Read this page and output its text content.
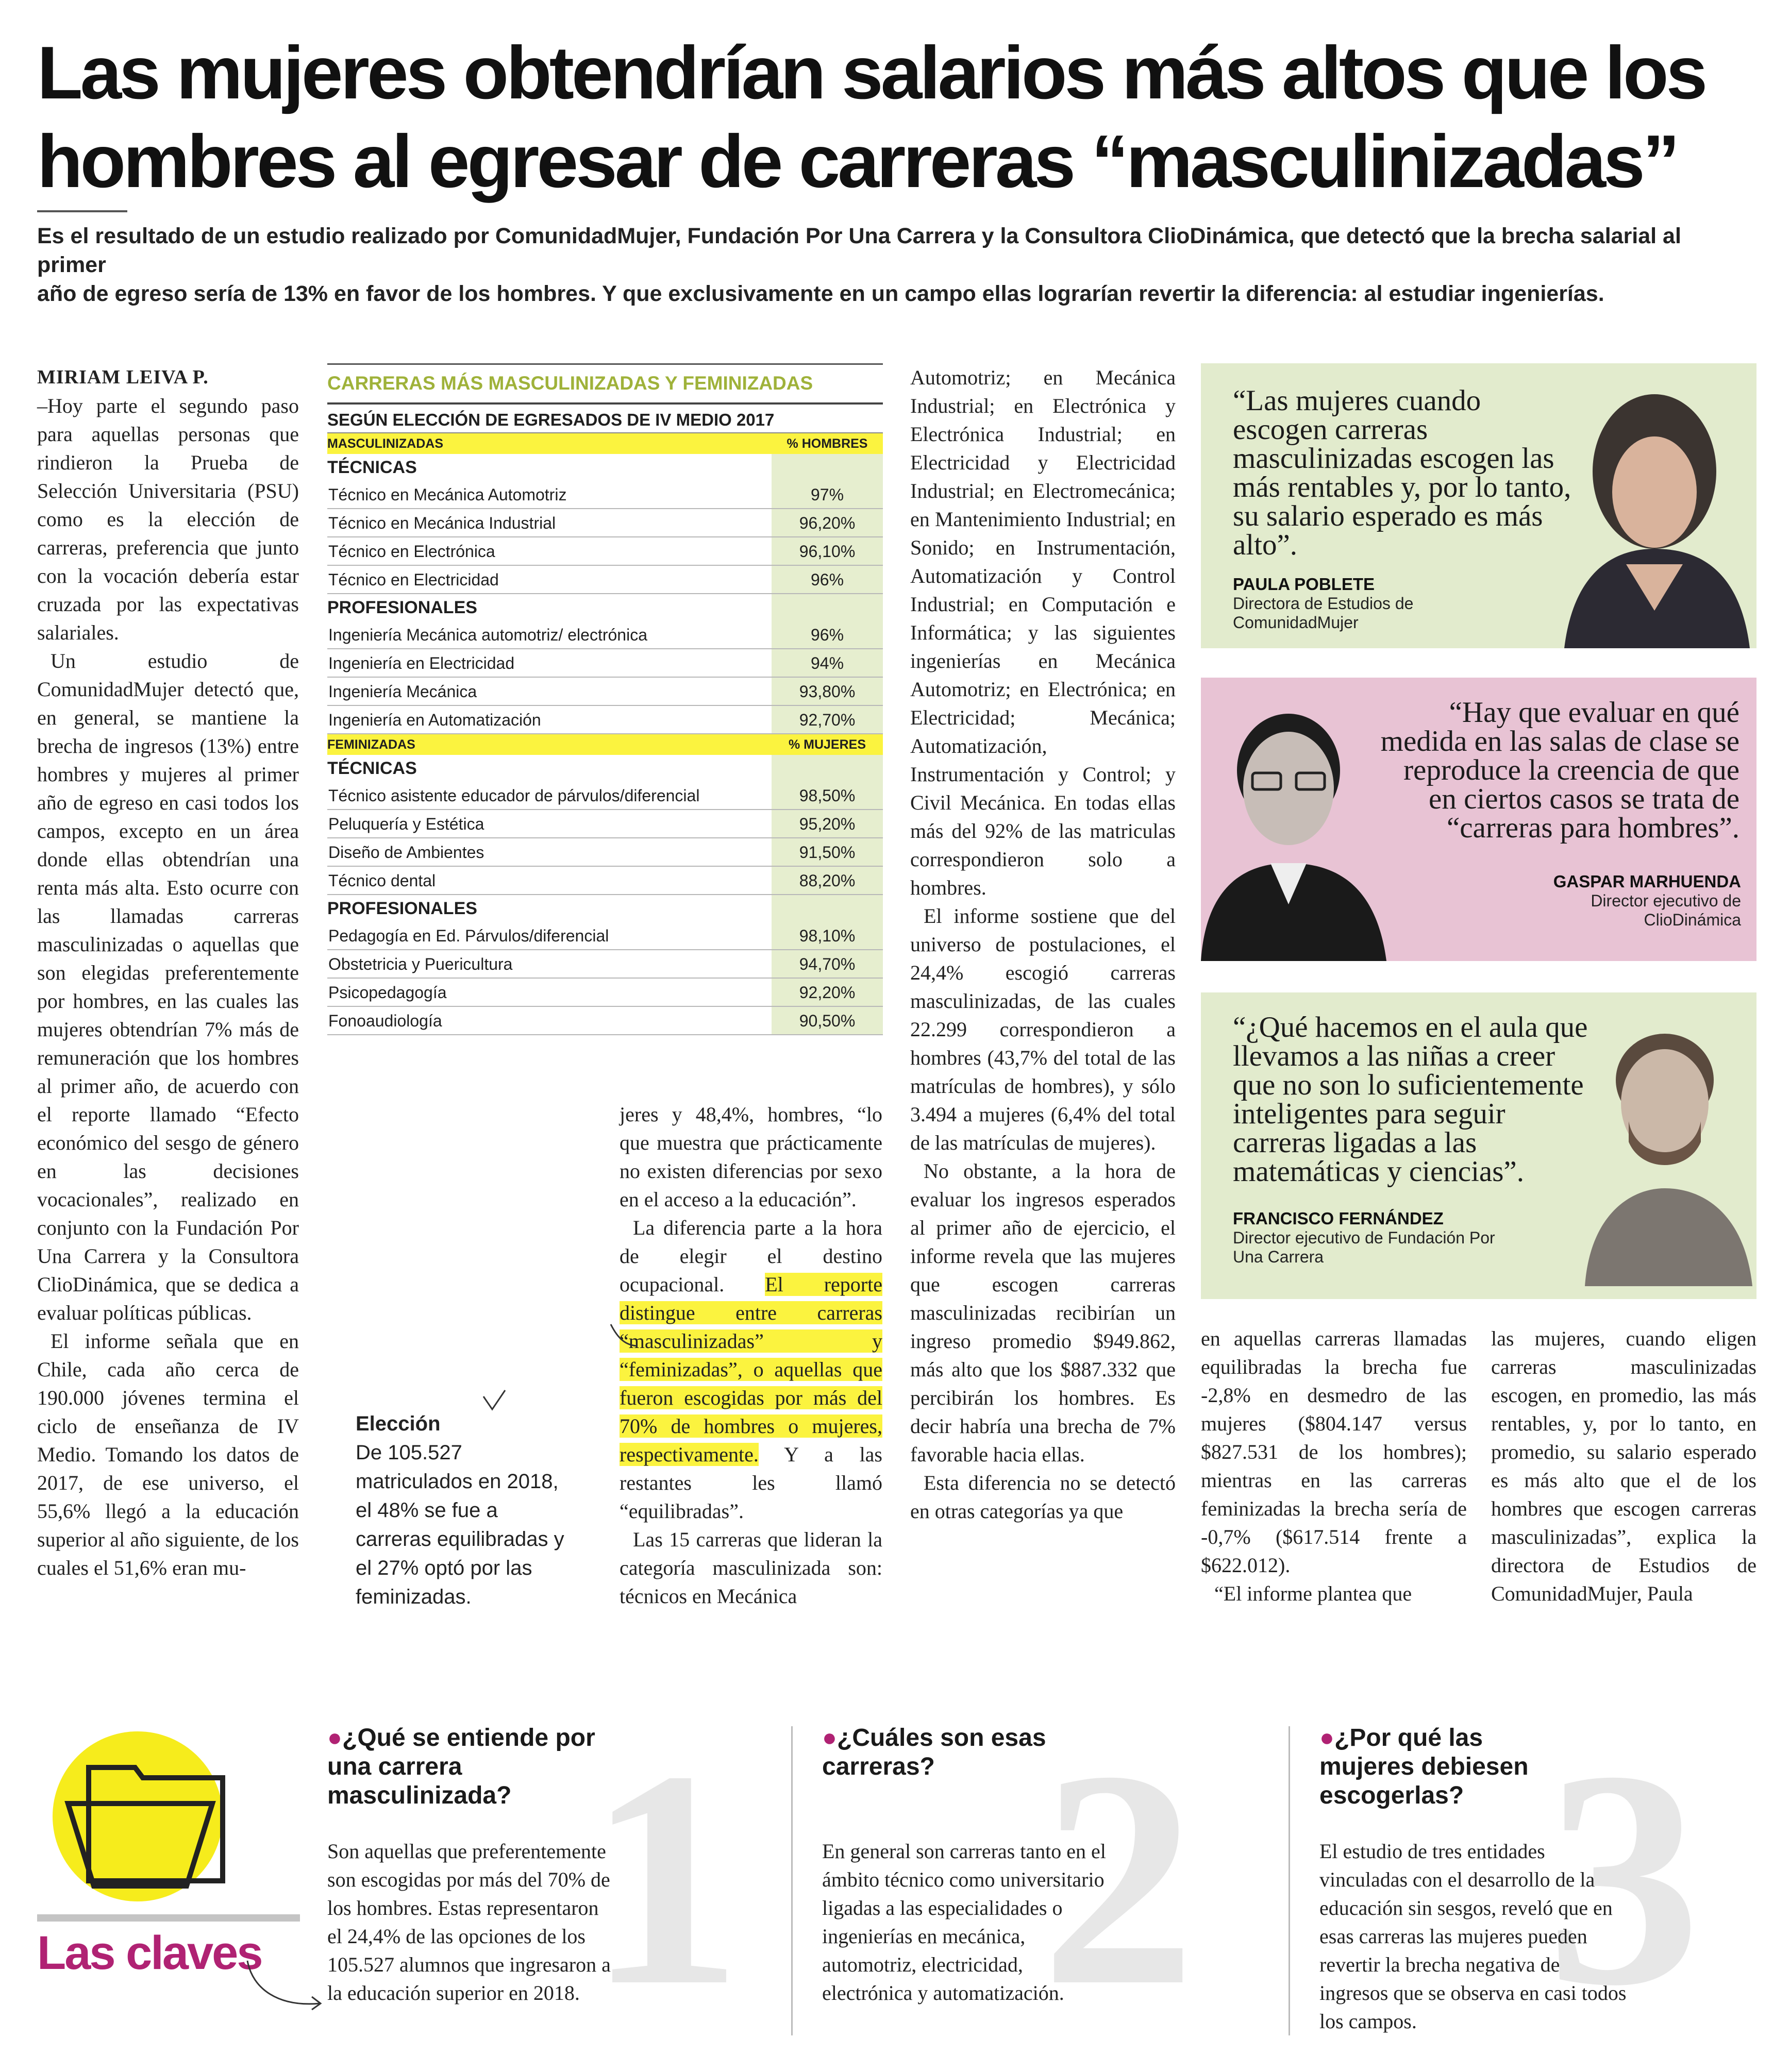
Las mujeres obtendrían salarios más altos que los
hombres al egresar de carreras “masculinizadas”
Es el resultado de un estudio realizado por ComunidadMujer, Fundación Por Una Carrera y la Consultora ClioDinámica, que detectó que la brecha salarial al primer
año de egreso sería de 13% en favor de los hombres. Y que exclusivamente en un campo ellas lograrían revertir la diferencia: al estudiar ingenierías.
MIRIAM LEIVA P.

–Hoy parte el segundo paso para aquellas personas que rindieron la Prueba de Selección Universitaria (PSU) como es la elección de carreras, preferencia que junto con la vocación debería estar cruzada por las expectativas salariales.

Un estudio de ComunidadMujer detectó que, en general, se mantiene la brecha de ingresos (13%) entre hombres y mujeres al primer año de egreso en casi todos los campos, excepto en un área donde ellas obtendrían una renta más alta. Esto ocurre con las llamadas carreras masculinizadas o aquellas que son elegidas preferentemente por hombres, en las cuales las mujeres obtendrían 7% más de remuneración que los hombres al primer año, de acuerdo con el reporte llamado “Efecto económico del sesgo de género en las decisiones vocacionales”, realizado en conjunto con la Fundación Por Una Carrera y la Consultora ClioDinámica, que se dedica a evaluar políticas públicas.

El informe señala que en Chile, cada año cerca de 190.000 jóvenes termina el ciclo de enseñanza de IV Medio. Tomando los datos de 2017, de ese universo, el 55,6% llegó a la educación superior al año siguiente, de los cuales el 51,6% eran mu-

CARRERAS MÁS MASCULINIZADAS Y FEMINIZADAS
SEGÚN ELECCIÓN DE EGRESADOS DE IV MEDIO 2017
MASCULINIZADAS	% HOMBRES
TÉCNICAS
Técnico en Mecánica Automotriz	97%
Técnico en Mecánica Industrial	96,20%
Técnico en Electrónica	96,10%
Técnico en Electricidad	96%
PROFESIONALES
Ingeniería Mecánica automotriz/ electrónica	96%
Ingeniería en Electricidad	94%
Ingeniería Mecánica	93,80%
Ingeniería en Automatización	92,70%
FEMINIZADAS	% MUJERES
TÉCNICAS
Técnico asistente educador de párvulos/diferencial	98,50%
Peluquería y Estética	95,20%
Diseño de Ambientes	91,50%
Técnico dental	88,20%
PROFESIONALES
Pedagogía en Ed. Párvulos/diferencial	98,10%
Obstetricia y Puericultura	94,70%
Psicopedagogía	92,20%
Fonoaudiología	90,50%
Elección
De 105.527 matriculados en 2018, el 48% se fue a carreras equilibradas y el 27% optó por las feminizadas.

jeres y 48,4%, hombres, “lo que muestra que prácticamente no existen diferencias por sexo en el acceso a la educación”.

La diferencia parte a la hora de elegir el destino ocupacional. El reporte distingue entre carreras “masculinizadas” y “feminizadas”, o aquellas que fueron escogidas por más del 70% de hombres o mujeres, respectivamente. Y a las restantes les llamó “equilibradas”.

Las 15 carreras que lideran la categoría masculinizada son: técnicos en Mecánica

Automotriz; en Mecánica Industrial; en Electrónica y Electrónica Industrial; en Electricidad y Electricidad Industrial; en Electromecánica; en Mantenimiento Industrial; en Sonido; en Instrumentación, Automatización y Control Industrial; en Computación e Informática; y las siguientes ingenierías en Mecánica Automotriz; en Electrónica; en Electricidad; Mecánica; Automatización, Instrumentación y Control; y Civil Mecánica. En todas ellas más del 92% de las matriculas correspondieron solo a hombres.

El informe sostiene que del universo de postulaciones, el 24,4% escogió carreras masculinizadas, de las cuales 22.299 correspondieron a hombres (43,7% del total de las matrículas de hombres), y sólo 3.494 a mujeres (6,4% del total de las matrículas de mujeres).

No obstante, a la hora de evaluar los ingresos esperados al primer año de ejercicio, el informe revela que las mujeres que escogen carreras masculinizadas recibirían un ingreso promedio $949.862, más alto que los $887.332 que percibirán los hombres. Es decir habría una brecha de 7% favorable hacia ellas.

Esta diferencia no se detectó en otras categorías ya que

“Las mujeres cuando escogen carreras masculinizadas escogen las más rentables y, por lo tanto, su salario esperado es más alto”.
PAULA POBLETE
Directora de Estudios de ComunidadMujer
“Hay que evaluar en qué medida en las salas de clase se reproduce la creencia de que en ciertos casos se trata de “carreras para hombres”.
GASPAR MARHUENDA
Director ejecutivo de ClioDinámica
“¿Qué hacemos en el aula que llevamos a las niñas a creer que no son lo suficientemente inteligentes para seguir carreras ligadas a las matemáticas y ciencias”.
FRANCISCO FERNÁNDEZ
Director ejecutivo de Fundación Por Una Carrera

en aquellas carreras llamadas equilibradas la brecha fue -2,8% en desmedro de las mujeres ($804.147 versus $827.531 de los hombres); mientras en las carreras feminizadas la brecha sería de -0,7% ($617.514 frente a $622.012).

“El informe plantea que

las mujeres, cuando eligen carreras masculinizadas escogen, en promedio, las más rentables, y, por lo tanto, en promedio, su salario esperado es más alto que el de los hombres que escogen carreras masculinizadas”, explica la directora de Estudios de ComunidadMujer, Paula

Las claves 1 2 3
●¿Qué se entiende por una carrera masculinizada?
Son aquellas que preferentemente son escogidas por más del 70% de los hombres. Estas representaron el 24,4% de las opciones de los 105.527 alumnos que ingresaron a la educación superior en 2018.
●¿Cuáles son esas carreras?
En general son carreras tanto en el ámbito técnico como universitario ligadas a las especialidades o ingenierías en mecánica, automotriz, electricidad, electrónica y automatización.
●¿Por qué las mujeres debiesen escogerlas?
El estudio de tres entidades vinculadas con el desarrollo de la educación sin sesgos, reveló que en esas carreras las mujeres pueden revertir la brecha negativa de ingresos que se observa en casi todos los campos.
